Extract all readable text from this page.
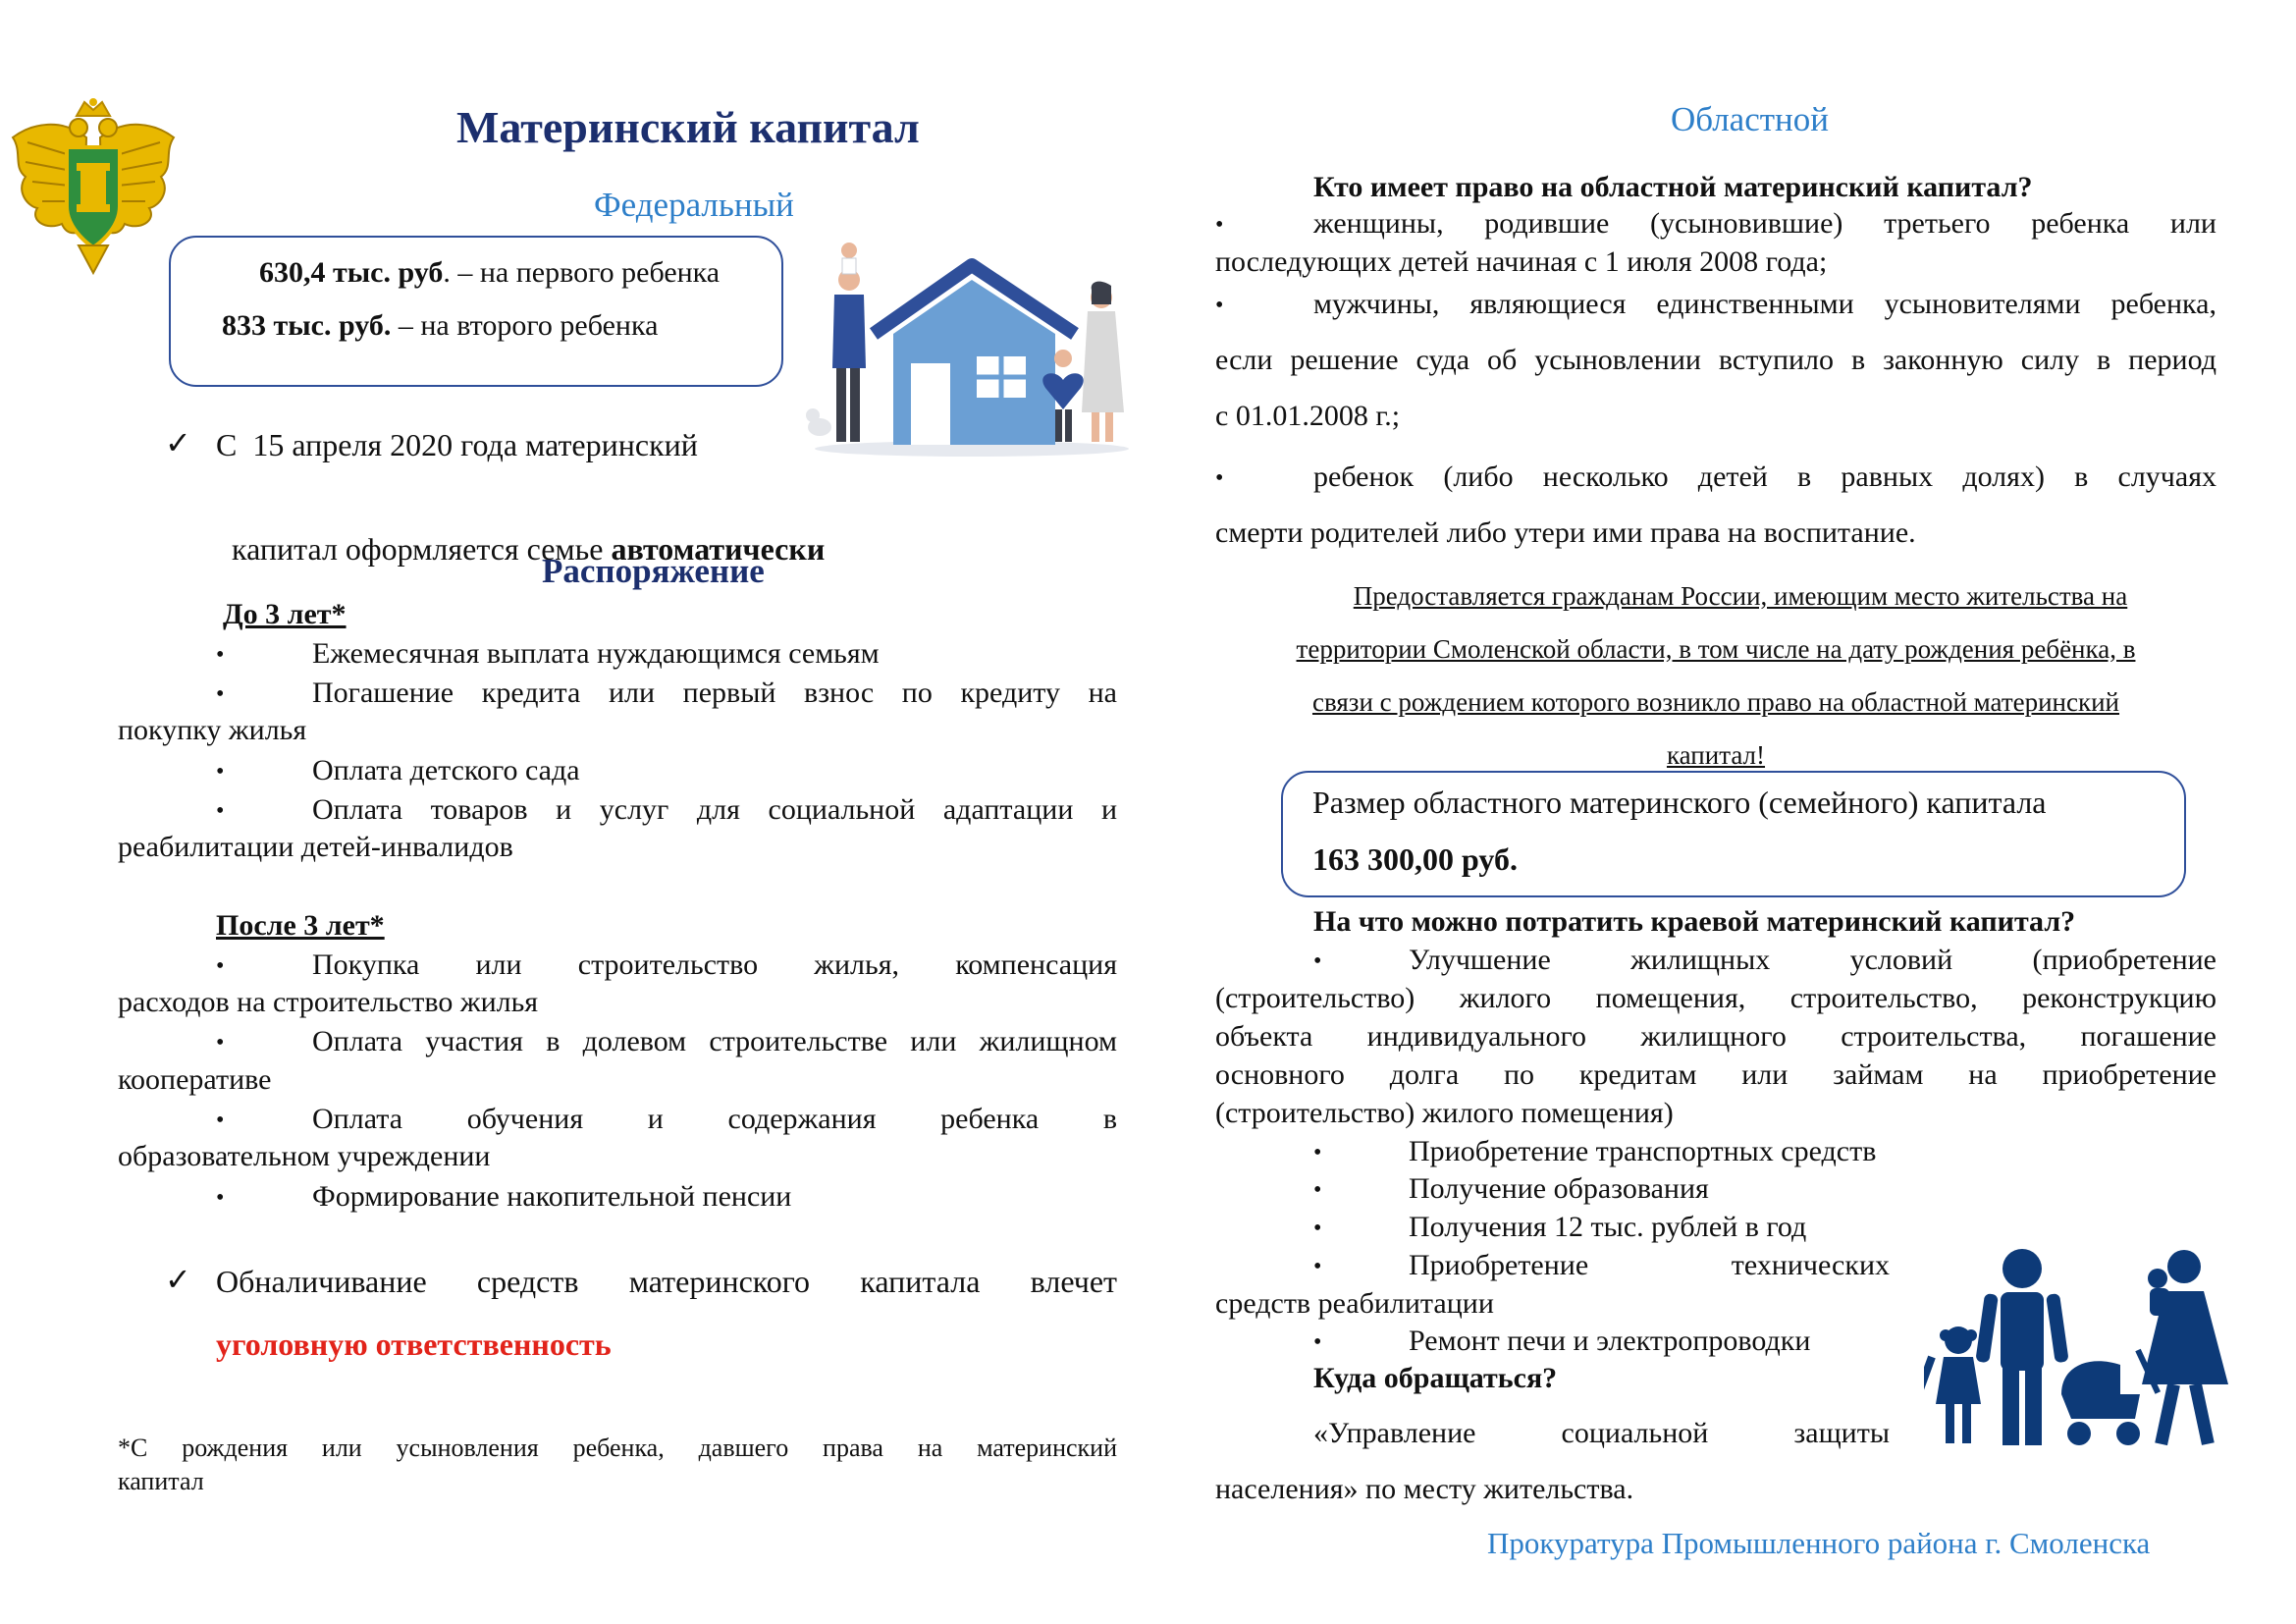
Материнский капитал
Федеральный
630,4 тыс. руб. – на первого ребенка
833 тыс. руб. – на второго ребенка
✓ С  15 апреля 2020 года материнский

капитал оформляется семье автоматически

Распоряжение
До 3 лет*
•	Ежемесячная выплата нуждающимся семьям
•	Погашение кредита или первый взнос по кредиту на
покупку жилья
•	Оплата детского сада
•	Оплата товаров и услуг для социальной адаптации и
реабилитации детей-инвалидов
После 3 лет*
•	Покупка или строительство жилья, компенсация
расходов на строительство жилья
•	Оплата участия в долевом строительстве или жилищном
кооперативе
•	Оплата обучения и содержания ребенка в
образовательном учреждении
•	Формирование накопительной пенсии
✓ Обналичивание средств материнского капитала влечет
уголовную ответственность
*С рождения или усыновления ребенка, давшего права на материнский
капитал
Областной
Кто имеет право на областной материнский капитал?
•	женщины, родившие (усыновившие) третьего ребенка или
последующих детей начиная с 1 июля 2008 года;
•	мужчины, являющиеся единственными усыновителями ребенка,
если решение суда об усыновлении вступило в законную силу в период
с 01.01.2008 г.;
•	ребенок (либо несколько детей в равных долях) в случаях
смерти родителей либо утери ими права на воспитание.
Предоставляется гражданам России, имеющим место жительства на
территории Смоленской области, в том числе на дату рождения ребёнка, в
связи с рождением которого возникло право на областной материнский
капитал!
Размер областного материнского (семейного) капитала
163 300,00 руб.
На что можно потратить краевой материнский капитал?
•	Улучшение жилищных условий (приобретение
(строительство) жилого помещения, строительство, реконструкцию
объекта индивидуального жилищного строительства, погашение
основного долга по кредитам или займам на приобретение
(строительство) жилого помещения)
•	Приобретение транспортных средств
•	Получение образования
•	Получения 12 тыс. рублей в год
•	Приобретение технических
средств реабилитации
•	Ремонт печи и электропроводки
Куда обращаться?
«Управление социальной защиты
населения» по месту жительства.
Прокуратура Промышленного района г. Смоленска
